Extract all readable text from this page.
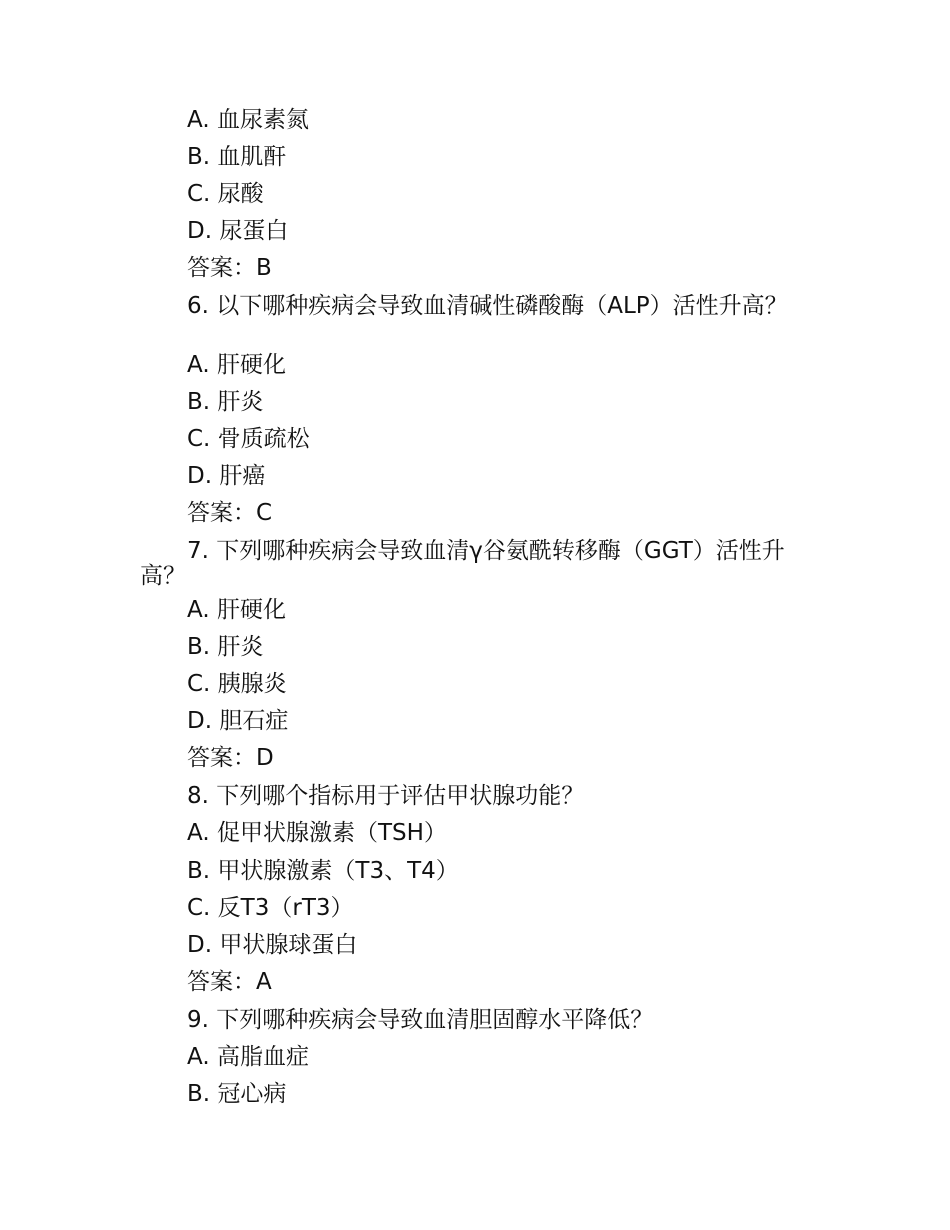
A. 血尿素氮

B. 血肌酐

C. 尿酸

D. 尿蛋白

答案：B

6. 以下哪种疾病会导致血清碱性磷酸酶（ALP）活性升高？

A. 肝硬化

B. 肝炎

C. 骨质疏松

D. 肝癌

答案：C

7. 下列哪种疾病会导致血清γ谷氨酰转移酶（GGT）活性升高？

A. 肝硬化

B. 肝炎

C. 胰腺炎

D. 胆石症

答案：D

8. 下列哪个指标用于评估甲状腺功能？

A. 促甲状腺激素（TSH）

B. 甲状腺激素（T3、T4）

C. 反T3（rT3）

D. 甲状腺球蛋白

答案：A

9. 下列哪种疾病会导致血清胆固醇水平降低？

A. 高脂血症

B. 冠心病
